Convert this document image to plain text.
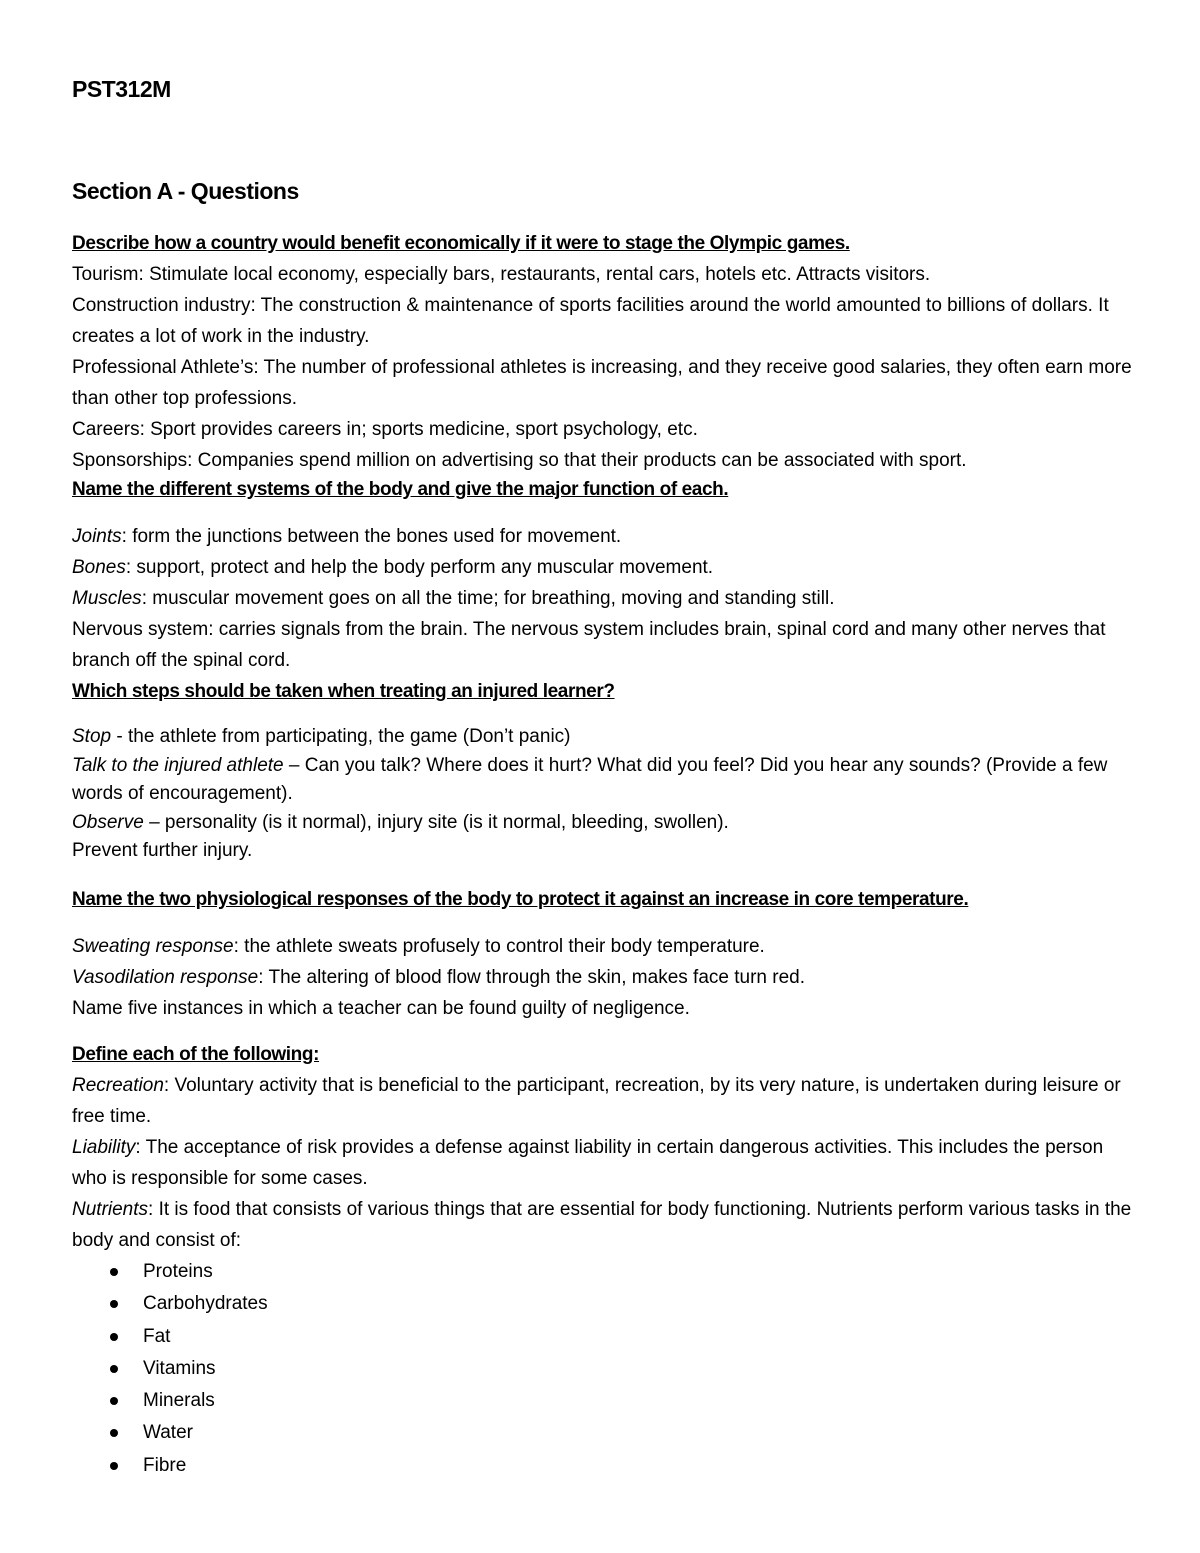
PST312M
Section A - Questions
Describe how a country would benefit economically if it were to stage the Olympic games.
Tourism: Stimulate local economy, especially bars, restaurants, rental cars, hotels etc. Attracts visitors.
Construction industry: The construction & maintenance of sports facilities around the world amounted to billions of dollars. It creates a lot of work in the industry.
Professional Athlete’s: The number of professional athletes is increasing, and they receive good salaries, they often earn more than other top professions.
Careers: Sport provides careers in; sports medicine, sport psychology, etc.
Sponsorships: Companies spend million on advertising so that their products can be associated with sport.
Name the different systems of the body and give the major function of each.
Joints: form the junctions between the bones used for movement.
Bones: support, protect and help the body perform any muscular movement.
Muscles: muscular movement goes on all the time; for breathing, moving and standing still.
Nervous system: carries signals from the brain. The nervous system includes brain, spinal cord and many other nerves that branch off the spinal cord.
Which steps should be taken when treating an injured learner?
Stop - the athlete from participating, the game (Don’t panic)
Talk to the injured athlete – Can you talk? Where does it hurt? What did you feel? Did you hear any sounds? (Provide a few words of encouragement).
Observe – personality (is it normal), injury site (is it normal, bleeding, swollen).
Prevent further injury.
Name the two physiological responses of the body to protect it against an increase in core temperature.
Sweating response: the athlete sweats profusely to control their body temperature.
Vasodilation response: The altering of blood flow through the skin, makes face turn red.
Name five instances in which a teacher can be found guilty of negligence.
Define each of the following:
Recreation: Voluntary activity that is beneficial to the participant, recreation, by its very nature, is undertaken during leisure or free time.
Liability: The acceptance of risk provides a defense against liability in certain dangerous activities. This includes the person who is responsible for some cases.
Nutrients: It is food that consists of various things that are essential for body functioning. Nutrients perform various tasks in the body and consist of:
Proteins
Carbohydrates
Fat
Vitamins
Minerals
Water
Fibre
